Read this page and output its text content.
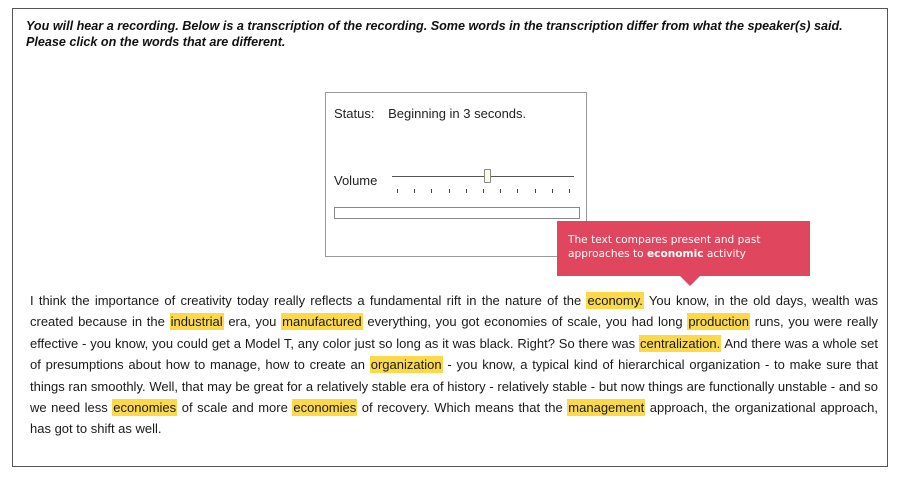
You will hear a recording. Below is a transcription of the recording. Some words in the transcription differ from what the speaker(s) said. Please click on the words that are different.

Status: Beginning in 3 seconds.
Volume
The text compares present and past approaches to economic activity

I think the importance of creativity today really reflects a fundamental rift in the nature of the economy. You know, in the old days, wealth was created because in the industrial era, you manufactured everything, you got economies of scale, you had long production runs, you were really effective - you know, you could get a Model T, any color just so long as it was black. Right? So there was centralization. And there was a whole set of presumptions about how to manage, how to create an organization - you know, a typical kind of hierarchical organization - to make sure that things ran smoothly. Well, that may be great for a relatively stable era of history - relatively stable - but now things are functionally unstable - and so we need less economies of scale and more economies of recovery. Which means that the management approach, the organizational approach, has got to shift as well.
